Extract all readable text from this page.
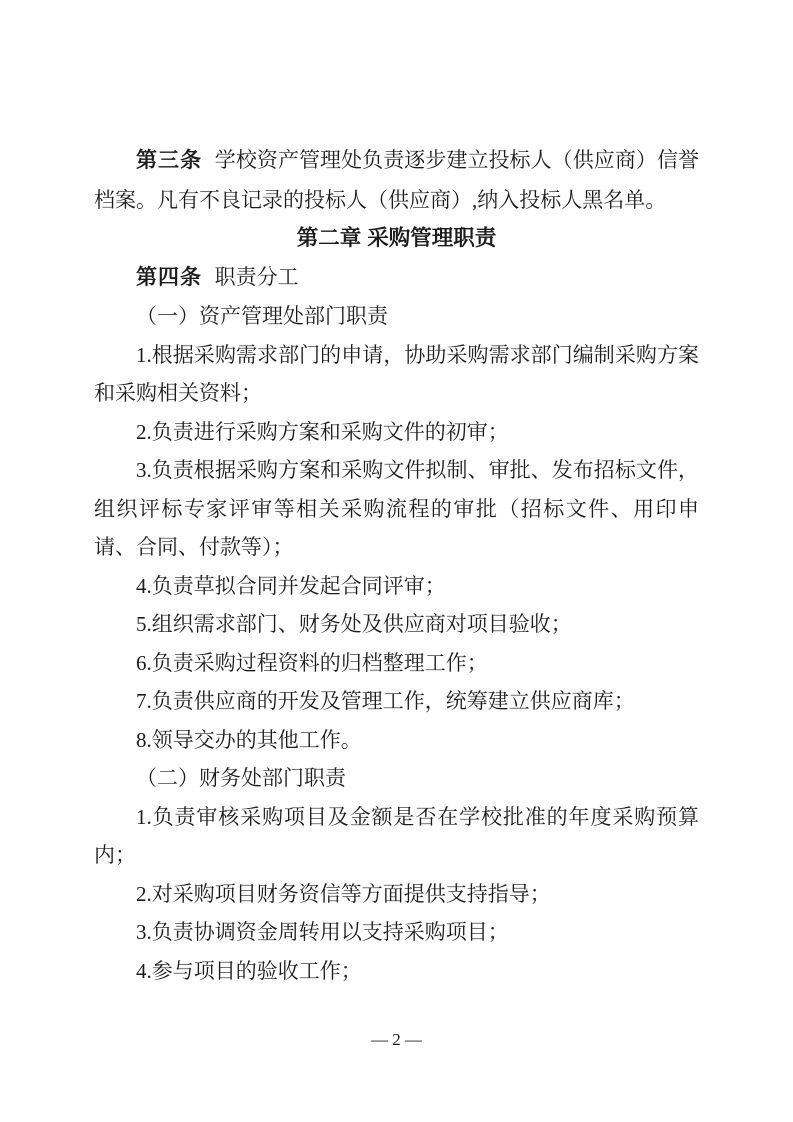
第三条 学校资产管理处负责逐步建立投标人（供应商）信誉档案。凡有不良记录的投标人（供应商）,纳入投标人黑名单。

第二章 采购管理职责

第四条 职责分工

（一）资产管理处部门职责

1.根据采购需求部门的申请，协助采购需求部门编制采购方案和采购相关资料；

2.负责进行采购方案和采购文件的初审；

3.负责根据采购方案和采购文件拟制、审批、发布招标文件，组织评标专家评审等相关采购流程的审批（招标文件、用印申请、合同、付款等）；

4.负责草拟合同并发起合同评审；

5.组织需求部门、财务处及供应商对项目验收；

6.负责采购过程资料的归档整理工作；

7.负责供应商的开发及管理工作，统筹建立供应商库；

8.领导交办的其他工作。

（二）财务处部门职责

1.负责审核采购项目及金额是否在学校批准的年度采购预算内；

2.对采购项目财务资信等方面提供支持指导；

3.负责协调资金周转用以支持采购项目；

4.参与项目的验收工作；

— 2 —
